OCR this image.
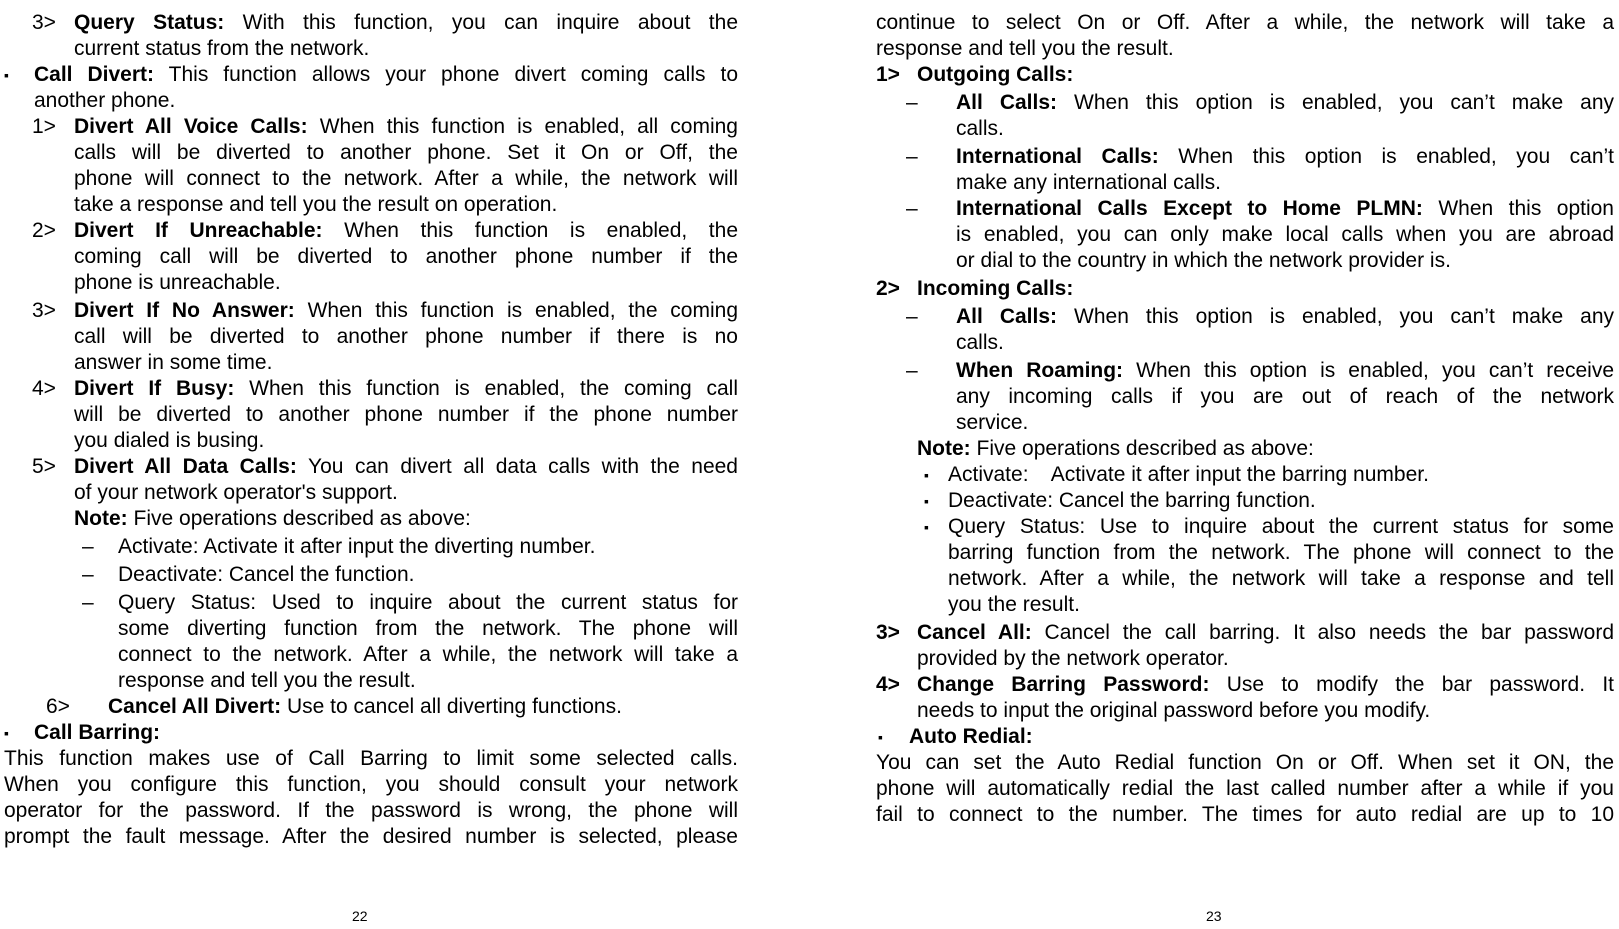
3> Query Status: With this function, you can inquire about the
current status from the network.
▪ Call Divert: This function allows your phone divert coming calls to
another phone.
1> Divert All Voice Calls: When this function is enabled, all coming
calls will be diverted to another phone. Set it On or Off, the
phone will connect to the network. After a while, the network will
take a response and tell you the result on operation.
2> Divert If Unreachable: When this function is enabled, the
coming call will be diverted to another phone number if the
phone is unreachable.
3> Divert If No Answer: When this function is enabled, the coming
call will be diverted to another phone number if there is no
answer in some time.
4> Divert If Busy: When this function is enabled, the coming call
will be diverted to another phone number if the phone number
you dialed is busing.
5> Divert All Data Calls: You can divert all data calls with the need
of your network operator's support.
Note: Five operations described as above:
– Activate: Activate it after input the diverting number.
– Deactivate: Cancel the function.
– Query Status: Used to inquire about the current status for
some diverting function from the network. The phone will
connect to the network. After a while, the network will take a
response and tell you the result.
6> Cancel All Divert: Use to cancel all diverting functions.
▪ Call Barring:
This function makes use of Call Barring to limit some selected calls.
When you configure this function, you should consult your network
operator for the password. If the password is wrong, the phone will
prompt the fault message. After the desired number is selected, please
22
continue to select On or Off. After a while, the network will take a
response and tell you the result.
1> Outgoing Calls:
– All Calls: When this option is enabled, you can’t make any
calls.
– International Calls: When this option is enabled, you can’t
make any international calls.
– International Calls Except to Home PLMN: When this option
is enabled, you can only make local calls when you are abroad
or dial to the country in which the network provider is.
2> Incoming Calls:
– All Calls: When this option is enabled, you can’t make any
calls.
– When Roaming: When this option is enabled, you can’t receive
any incoming calls if you are out of reach of the network
service.
Note: Five operations described as above:
▪ Activate:    Activate it after input the barring number.
▪ Deactivate: Cancel the barring function.
▪ Query Status: Use to inquire about the current status for some
barring function from the network. The phone will connect to the
network. After a while, the network will take a response and tell
you the result.
3> Cancel All: Cancel the call barring. It also needs the bar password
provided by the network operator.
4> Change Barring Password: Use to modify the bar password. It
needs to input the original password before you modify.
▪ Auto Redial:
You can set the Auto Redial function On or Off. When set it ON, the
phone will automatically redial the last called number after a while if you
fail to connect to the number. The times for auto redial are up to 10
23
